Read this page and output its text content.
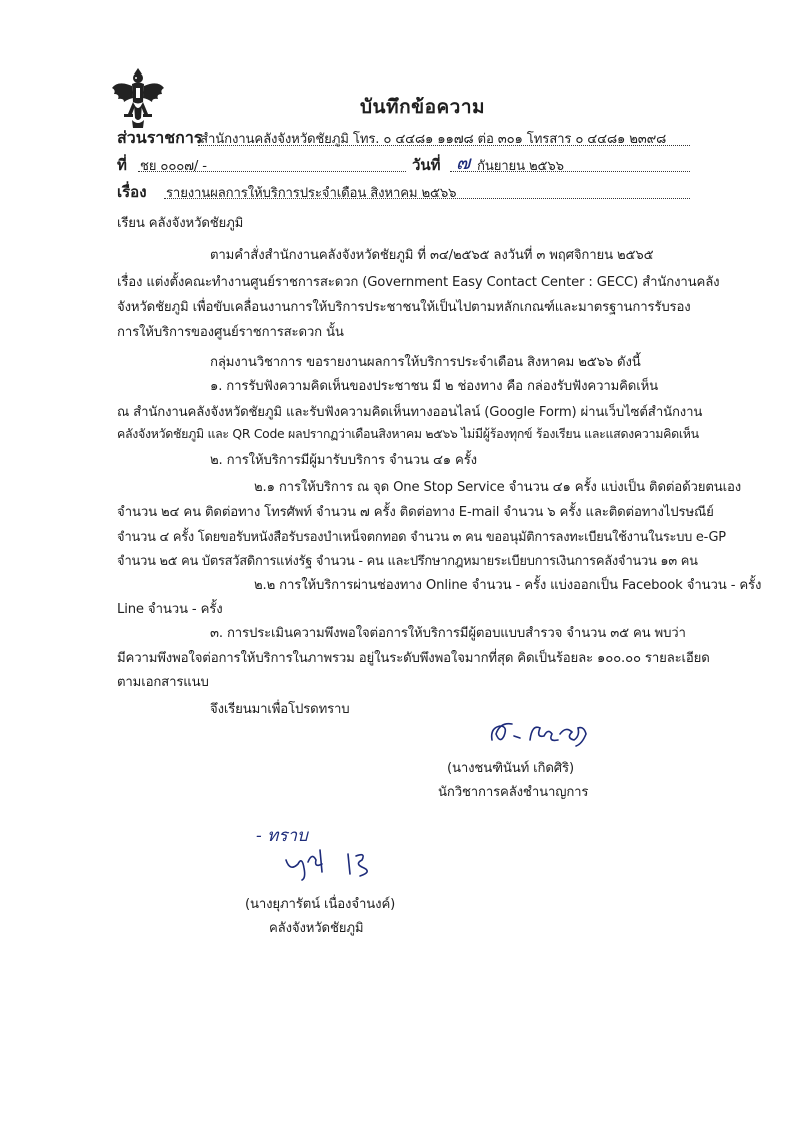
บันทึกข้อความ
ส่วนราชการ
สำนักงานคลังจังหวัดชัยภูมิ โทร. ๐ ๔๔๘๑ ๑๑๗๘ ต่อ ๓๐๑ โทรสาร ๐ ๔๔๘๑ ๒๓๙๘
ที่ ชย ๐๐๐๗/ -	วันที่ ๗ กันยายน ๒๕๖๖
เรื่อง รายงานผลการให้บริการประจำเดือน สิงหาคม ๒๕๖๖
เรียน คลังจังหวัดชัยภูมิ
ตามคำสั่งสำนักงานคลังจังหวัดชัยภูมิ ที่ ๓๔/๒๕๖๕ ลงวันที่ ๓ พฤศจิกายน ๒๕๖๕
เรื่อง แต่งตั้งคณะทำงานศูนย์ราชการสะดวก (Government Easy Contact Center : GECC) สำนักงานคลัง
จังหวัดชัยภูมิ เพื่อขับเคลื่อนงานการให้บริการประชาชนให้เป็นไปตามหลักเกณฑ์และมาตรฐานการรับรอง
การให้บริการของศูนย์ราชการสะดวก นั้น
กลุ่มงานวิชาการ ขอรายงานผลการให้บริการประจำเดือน สิงหาคม ๒๕๖๖ ดังนี้
๑. การรับฟังความคิดเห็นของประชาชน มี ๒ ช่องทาง คือ กล่องรับฟังความคิดเห็น
ณ สำนักงานคลังจังหวัดชัยภูมิ และรับฟังความคิดเห็นทางออนไลน์ (Google Form) ผ่านเว็บไซต์สำนักงาน
คลังจังหวัดชัยภูมิ และ QR Code ผลปรากฏว่าเดือนสิงหาคม ๒๕๖๖ ไม่มีผู้ร้องทุกข์ ร้องเรียน และแสดงความคิดเห็น
๒. การให้บริการมีผู้มารับบริการ จำนวน ๔๑ ครั้ง
๒.๑ การให้บริการ ณ จุด One Stop Service จำนวน ๔๑ ครั้ง แบ่งเป็น ติดต่อด้วยตนเอง
จำนวน ๒๔ คน ติดต่อทาง โทรศัพท์ จำนวน ๗ ครั้ง ติดต่อทาง E-mail จำนวน ๖ ครั้ง และติดต่อทางไปรษณีย์
จำนวน ๔ ครั้ง โดยขอรับหนังสือรับรองบำเหน็จตกทอด จำนวน ๓ คน ขออนุมัติการลงทะเบียนใช้งานในระบบ e-GP
จำนวน ๒๕ คน บัตรสวัสดิการแห่งรัฐ จำนวน - คน และปรึกษากฎหมายระเบียบการเงินการคลังจำนวน ๑๓ คน
๒.๒ การให้บริการผ่านช่องทาง Online จำนวน - ครั้ง แบ่งออกเป็น Facebook จำนวน - ครั้ง
Line จำนวน - ครั้ง
๓. การประเมินความพึงพอใจต่อการให้บริการมีผู้ตอบแบบสำรวจ จำนวน ๓๕ คน พบว่า
มีความพึงพอใจต่อการให้บริการในภาพรวม อยู่ในระดับพึงพอใจมากที่สุด คิดเป็นร้อยละ ๑๐๐.๐๐ รายละเอียด
ตามเอกสารแนบ
จึงเรียนมาเพื่อโปรดทราบ
(นางชนฑินันท์ เกิดศิริ)
นักวิชาการคลังชำนาญการ
- ทราบ
(นางยุภารัตน์ เนื่องจำนงค์)
คลังจังหวัดชัยภูมิ
